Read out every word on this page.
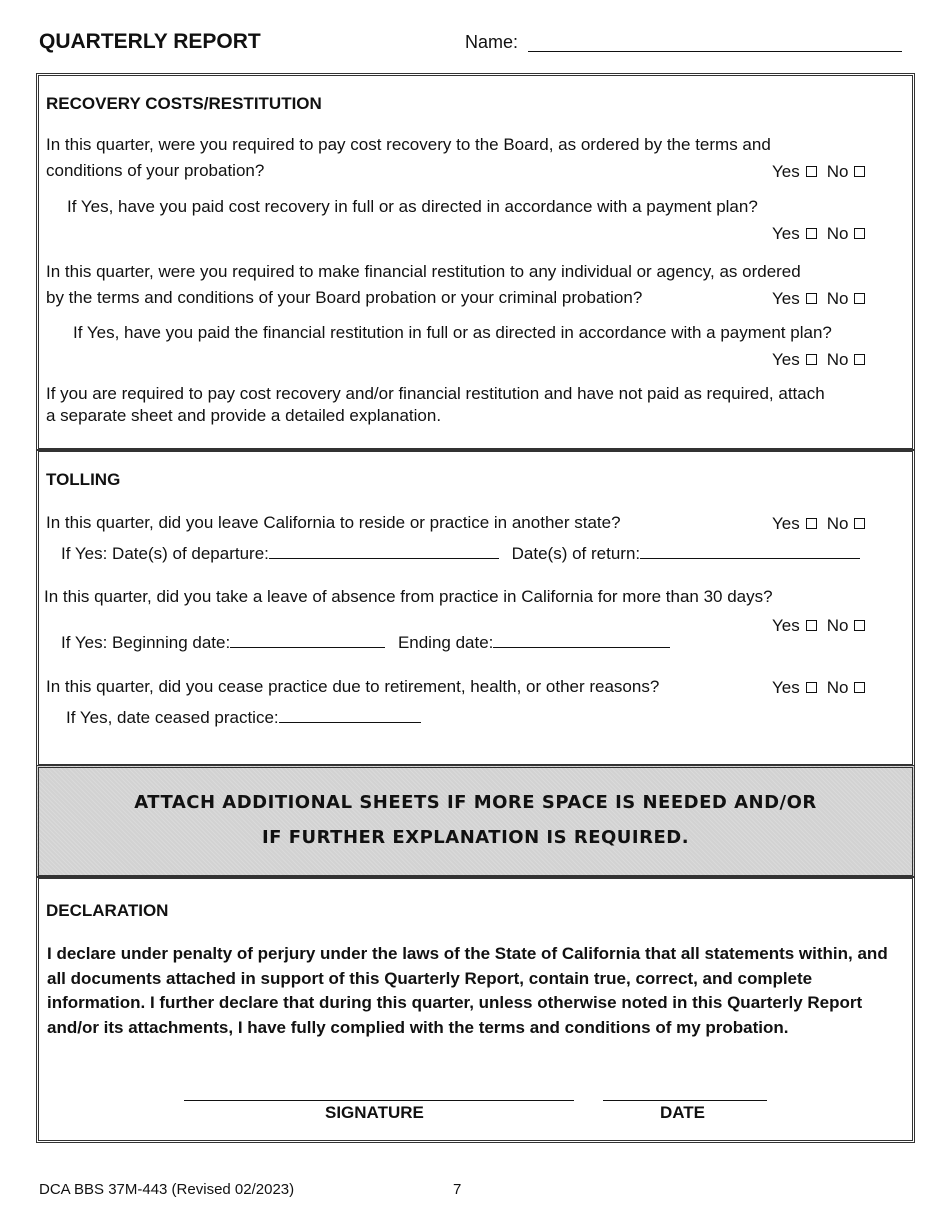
QUARTERLY REPORT	Name:
RECOVERY COSTS/RESTITUTION
In this quarter, were you required to pay cost recovery to the Board, as ordered by the terms and
conditions of your probation?	Yes No
If Yes, have you paid cost recovery in full or as directed in accordance with a payment plan?
Yes No
In this quarter, were you required to make financial restitution to any individual or agency, as ordered
by the terms and conditions of your Board probation or your criminal probation?	Yes No
If Yes, have you paid the financial restitution in full or as directed in accordance with a payment plan?
Yes No
If you are required to pay cost recovery and/or financial restitution and have not paid as required, attach
a separate sheet and provide a detailed explanation.
TOLLING
In this quarter, did you leave California to reside or practice in another state?	Yes No
If Yes: Date(s) of departure:	Date(s) of return:
In this quarter, did you take a leave of absence from practice in California for more than 30 days?
Yes No
If Yes: Beginning date:	Ending date:
In this quarter, did you cease practice due to retirement, health, or other reasons?	Yes No
If Yes, date ceased practice:
ATTACH ADDITIONAL SHEETS IF MORE SPACE IS NEEDED AND/OR
IF FURTHER EXPLANATION IS REQUIRED.
DECLARATION
I declare under penalty of perjury under the laws of the State of California that all statements within, and all documents attached in support of this Quarterly Report, contain true, correct, and complete information. I further declare that during this quarter, unless otherwise noted in this Quarterly Report and/or its attachments, I have fully complied with the terms and conditions of my probation.
SIGNATURE	DATE
DCA BBS 37M-443 (Revised 02/2023)	7
